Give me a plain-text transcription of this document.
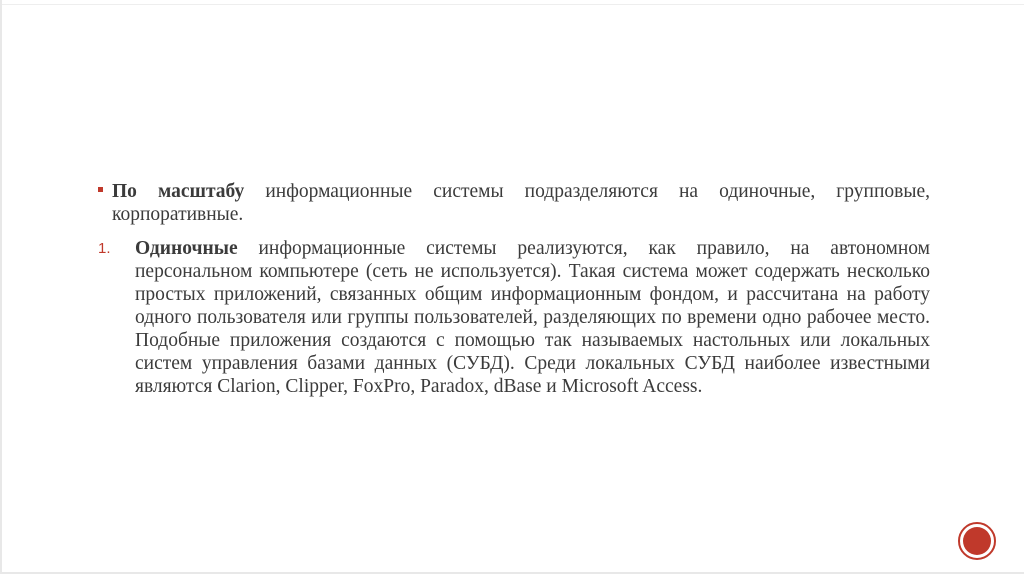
По масштабу информационные системы подразделяются на одиночные, групповые, корпоративные.
1. Одиночные информационные системы реализуются, как правило, на автономном персональном компьютере (сеть не используется). Такая система может содержать несколько простых приложений, связанных общим информационным фондом, и рассчитана на работу одного пользователя или группы пользователей, разделяющих по времени одно рабочее место. Подобные приложения создаются с помощью так называемых настольных или локальных систем управления базами данных (СУБД). Среди локальных СУБД наиболее известными являются Clarion, Clipper, FoxPro, Paradox, dBase и Microsoft Access.
